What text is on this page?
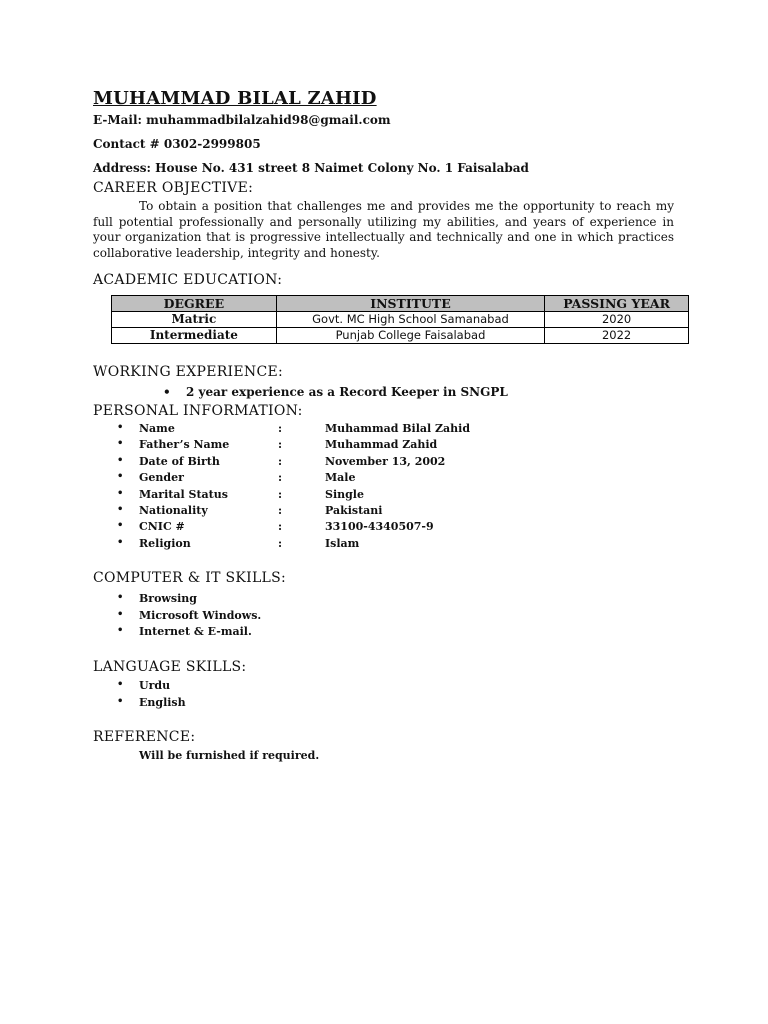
MUHAMMAD BILAL ZAHID
E-Mail: muhammadbilalzahid98@gmail.com
Contact # 0302-2999805
Address: House No. 431 street 8 Naimet Colony No. 1 Faisalabad
CAREER OBJECTIVE:
To obtain a position that challenges me and provides me the opportunity to reach my full potential professionally and personally utilizing my abilities, and years of experience in your organization that is progressive intellectually and technically and one in which practices collaborative leadership, integrity and honesty.
ACADEMIC EDUCATION:
DEGREE	INSTITUTE	PASSING YEAR
Matric	Govt. MC High School Samanabad	2020
Intermediate	Punjab College Faisalabad	2022
WORKING EXPERIENCE:
• 2 year experience as a Record Keeper in SNGPL
PERSONAL INFORMATION:
• Name	:	Muhammad Bilal Zahid
• Father’s Name	:	Muhammad Zahid
• Date of Birth	:	November 13, 2002
• Gender	:	Male
• Marital Status	:	Single
• Nationality	:	Pakistani
• CNIC #	:	33100-4340507-9
• Religion	:	Islam
COMPUTER & IT SKILLS:
• Browsing
• Microsoft Windows.
• Internet & E-mail.
LANGUAGE SKILLS:
• Urdu
• English
REFERENCE:
Will be furnished if required.
